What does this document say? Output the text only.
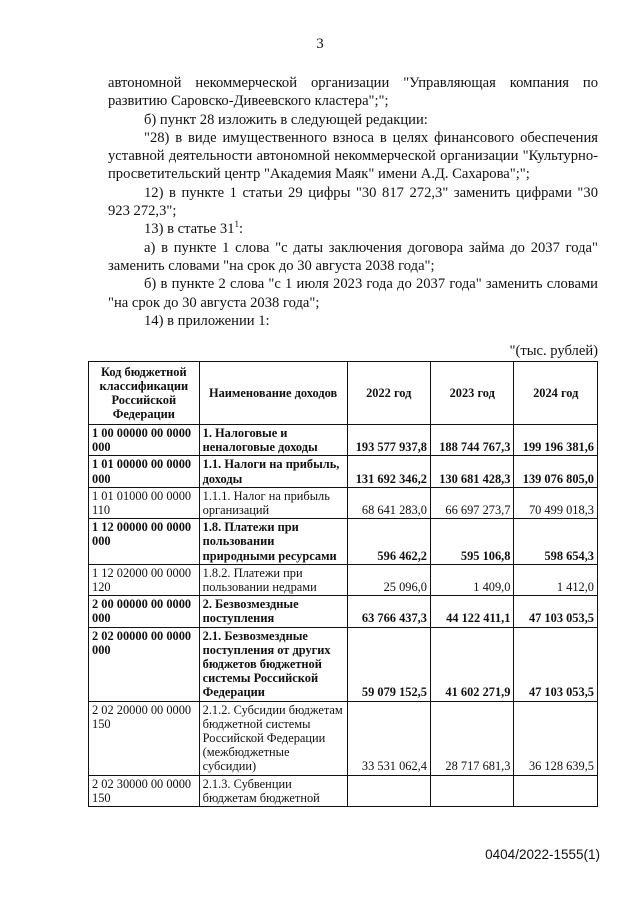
3

автономной некоммерческой организации "Управляющая компания по развитию Саровско-Дивеевского кластера";";

б) пункт 28 изложить в следующей редакции:

"28) в виде имущественного взноса в целях финансового обеспечения уставной деятельности автономной некоммерческой организации "Культурно-просветительский центр "Академия Маяк" имени А.Д. Сахарова";";

12) в пункте 1 статьи 29 цифры "30 817 272,3" заменить цифрами "30 923 272,3";

13) в статье $31^1$:

а) в пункте 1 слова "с даты заключения договора займа до 2037 года" заменить словами "на срок до 30 августа 2038 года";

б) в пункте 2 слова "с 1 июля 2023 года до 2037 года" заменить словами "на срок до 30 августа 2038 года";

14) в приложении 1:

"(тыс. рублей)
Код бюджетной классификации Российской Федерации	Наименование доходов	2022 год	2023 год	2024 год
1 00 00000 00 0000 000	1. Налоговые и неналоговые доходы	193 577 937,8	188 744 767,3	199 196 381,6
1 01 00000 00 0000 000	1.1. Налоги на прибыль, доходы	131 692 346,2	130 681 428,3	139 076 805,0
1 01 01000 00 0000 110	1.1.1. Налог на прибыль организаций	68 641 283,0	66 697 273,7	70 499 018,3
1 12 00000 00 0000 000	1.8. Платежи при пользовании природными ресурсами	596 462,2	595 106,8	598 654,3
1 12 02000 00 0000 120	1.8.2. Платежи при пользовании недрами	25 096,0	1 409,0	1 412,0
2 00 00000 00 0000 000	2. Безвозмездные поступления	63 766 437,3	44 122 411,1	47 103 053,5
2 02 00000 00 0000 000	2.1. Безвозмездные поступления от других бюджетов бюджетной системы Российской Федерации	59 079 152,5	41 602 271,9	47 103 053,5
2 02 20000 00 0000 150	2.1.2. Субсидии бюджетам бюджетной системы Российской Федерации (межбюджетные субсидии)	33 531 062,4	28 717 681,3	36 128 639,5
2 02 30000 00 0000 150	2.1.3. Субвенции бюджетам бюджетной			
0404/2022-1555(1)
